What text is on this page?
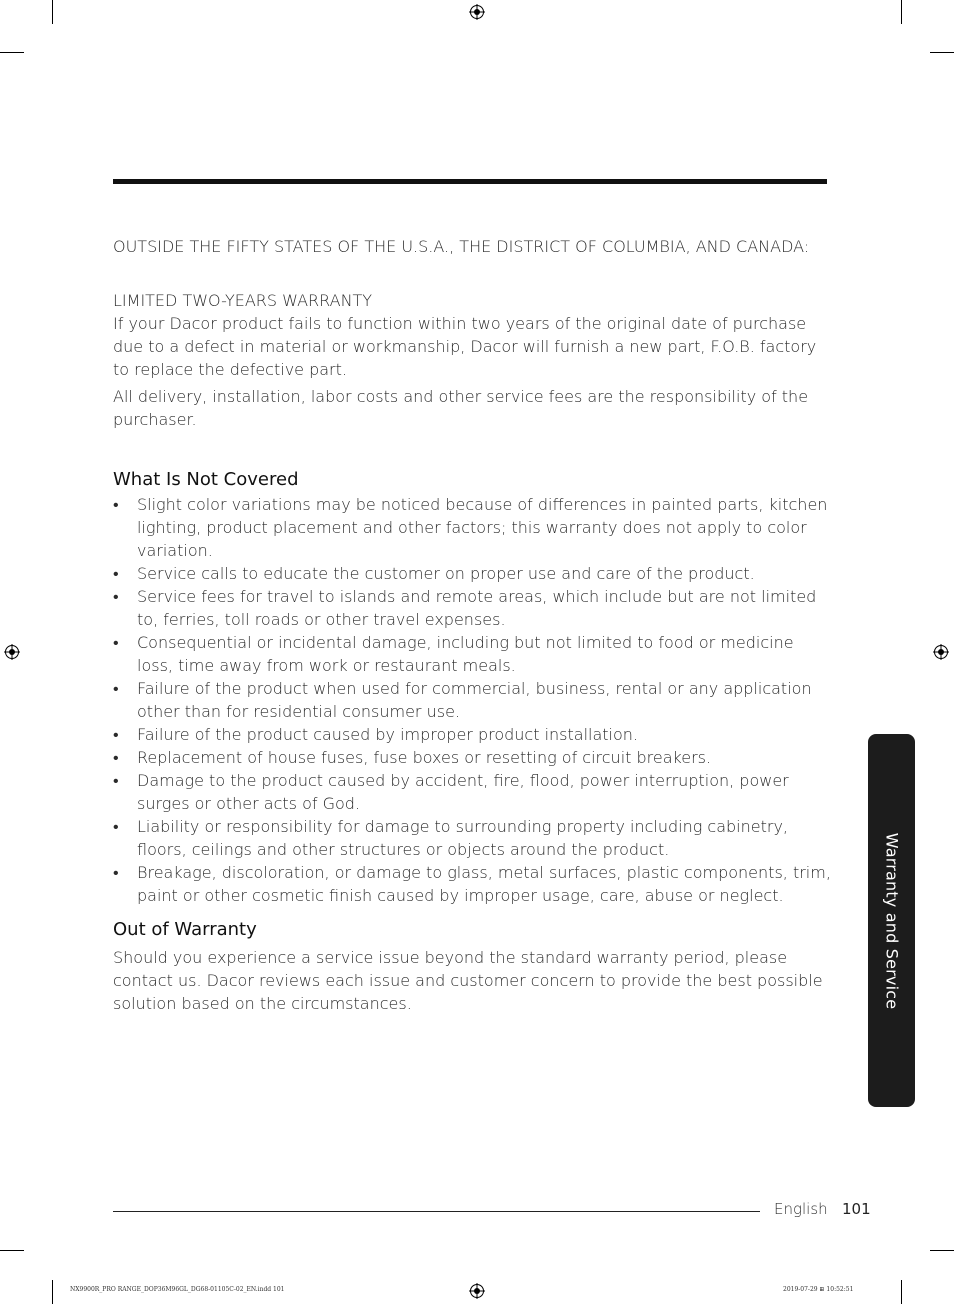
OUTSIDE THE FIFTY STATES OF THE U.S.A., THE DISTRICT OF COLUMBIA, AND CANADA:

LIMITED TWO-YEARS WARRANTY

If your Dacor product fails to function within two years of the original date of purchase due to a defect in material or workmanship, Dacor will furnish a new part, F.O.B. factory to replace the defective part.

All delivery, installation, labor costs and other service fees are the responsibility of the purchaser.

What Is Not Covered
• Slight color variations may be noticed because of differences in painted parts, kitchen lighting, product placement and other factors; this warranty does not apply to color variation.
• Service calls to educate the customer on proper use and care of the product.
• Service fees for travel to islands and remote areas, which include but are not limited to, ferries, toll roads or other travel expenses.
• Consequential or incidental damage, including but not limited to food or medicine loss, time away from work or restaurant meals.
• Failure of the product when used for commercial, business, rental or any application other than for residential consumer use.
• Failure of the product caused by improper product installation.
• Replacement of house fuses, fuse boxes or resetting of circuit breakers.
• Damage to the product caused by accident, fire, flood, power interruption, power surges or other acts of God.
• Liability or responsibility for damage to surrounding property including cabinetry, floors, ceilings and other structures or objects around the product.
• Breakage, discoloration, or damage to glass, metal surfaces, plastic components, trim, paint or other cosmetic finish caused by improper usage, care, abuse or neglect.
Out of Warranty
Should you experience a service issue beyond the standard warranty period, please contact us. Dacor reviews each issue and customer concern to provide the best possible solution based on the circumstances.	Warranty and Service
English 101
NX9900R_PRO RANGE_DOP36M96GL_DG68-01105C-02_EN.indd 101	2019-07-29 ⊞ 10:52:51
